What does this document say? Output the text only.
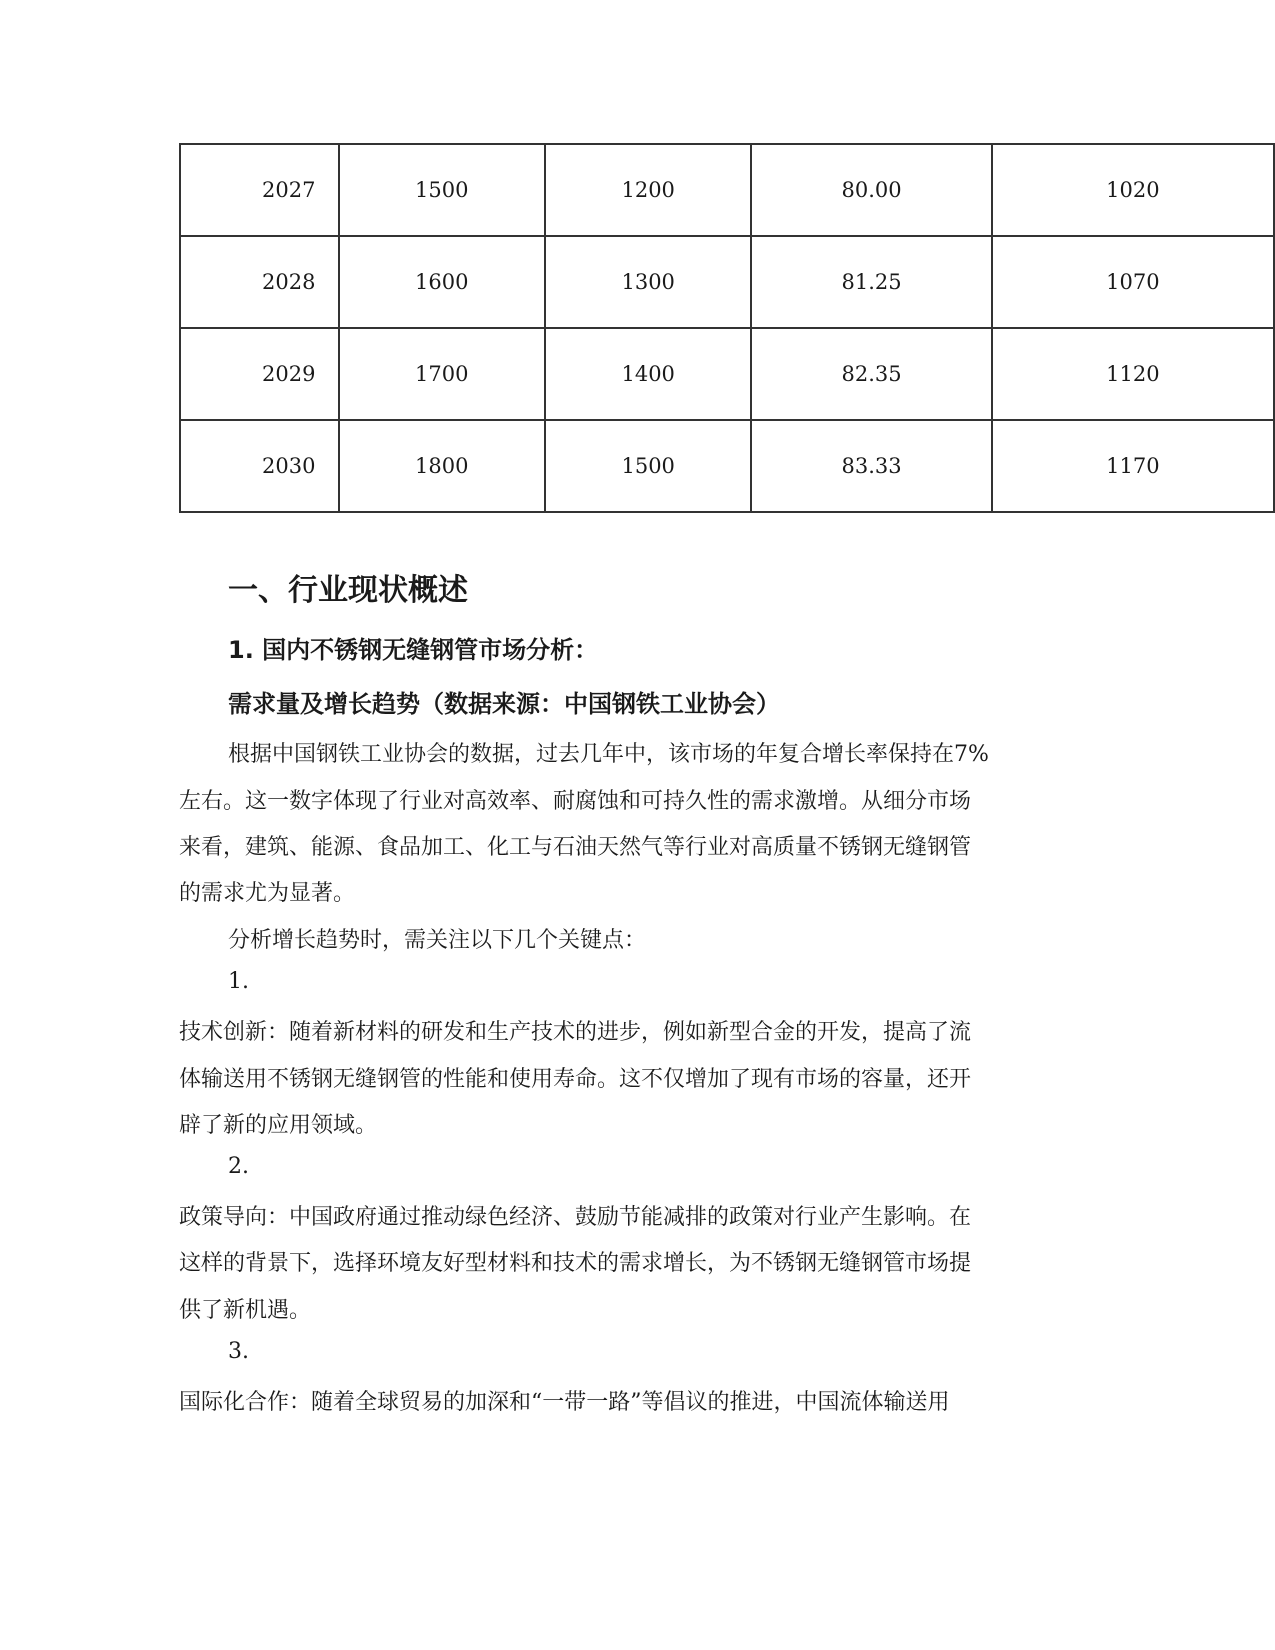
2027	1500	1200	80.00	1020
2028	1600	1300	81.25	1070
2029	1700	1400	82.35	1120
2030	1800	1500	83.33	1170
一、行业现状概述
1. 国内不锈钢无缝钢管市场分析：
需求量及增长趋势（数据来源：中国钢铁工业协会）
根据中国钢铁工业协会的数据，过去几年中，该市场的年复合增长率保持在7%
左右。这一数字体现了行业对高效率、耐腐蚀和可持久性的需求激增。从细分市场
来看，建筑、能源、食品加工、化工与石油天然气等行业对高质量不锈钢无缝钢管
的需求尤为显著。
分析增长趋势时，需关注以下几个关键点：
1.
技术创新：随着新材料的研发和生产技术的进步，例如新型合金的开发，提高了流
体输送用不锈钢无缝钢管的性能和使用寿命。这不仅增加了现有市场的容量，还开
辟了新的应用领域。
2.
政策导向：中国政府通过推动绿色经济、鼓励节能减排的政策对行业产生影响。在
这样的背景下，选择环境友好型材料和技术的需求增长，为不锈钢无缝钢管市场提
供了新机遇。
3.
国际化合作：随着全球贸易的加深和“一带一路”等倡议的推进，中国流体输送用
